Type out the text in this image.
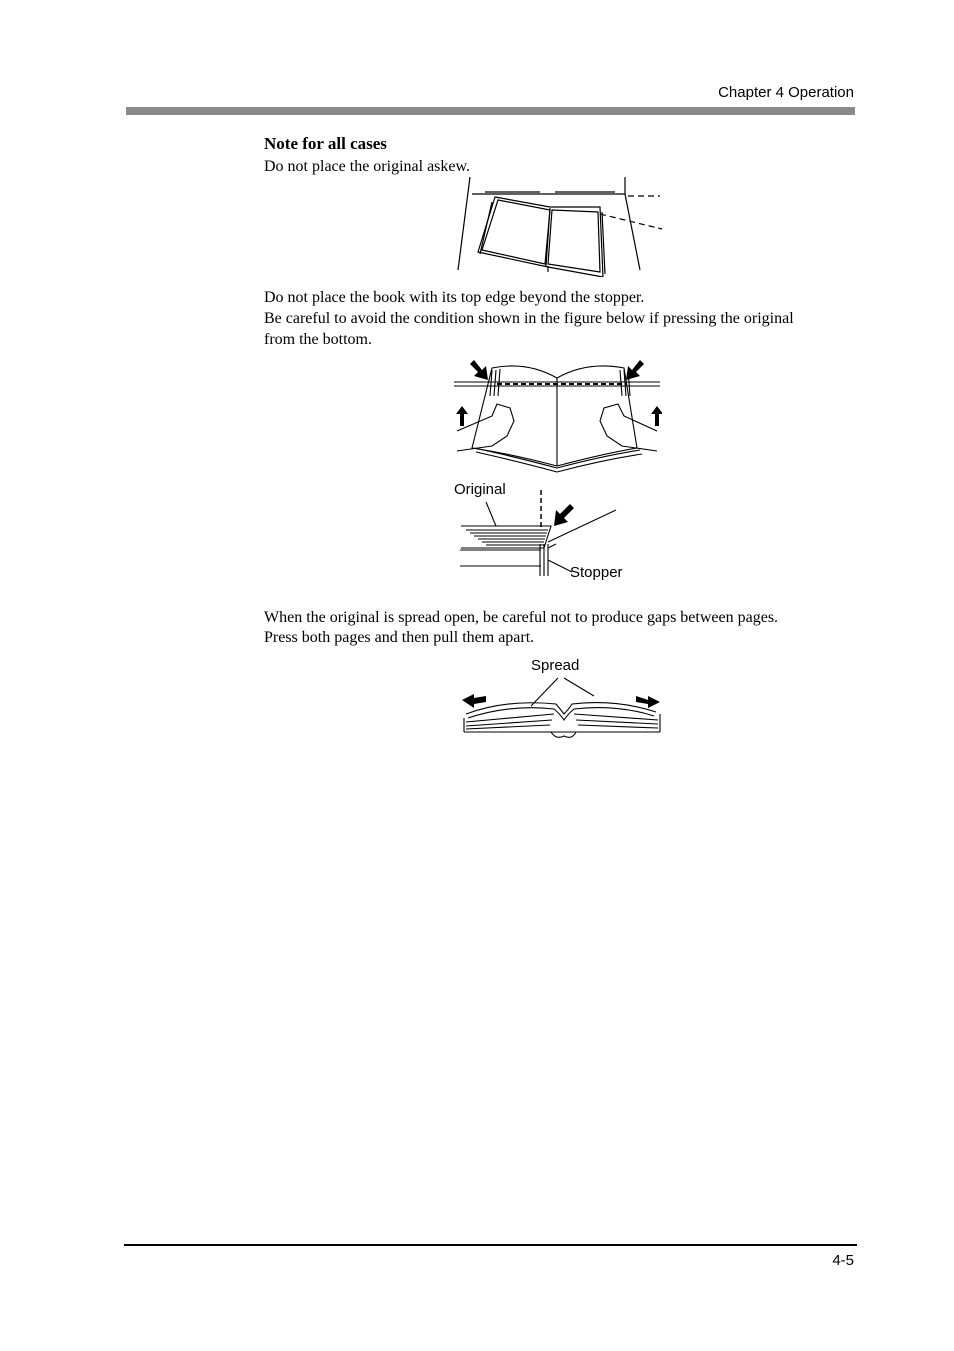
Chapter 4 Operation
Note for all cases
Do not place the original askew.
Do not place the book with its top edge beyond the stopper.
Be careful to avoid the condition shown in the figure below if pressing the original
from the bottom.
Original
Stopper
When the original is spread open, be careful not to produce gaps between pages.
Press both pages and then pull them apart.
Spread
4-5
